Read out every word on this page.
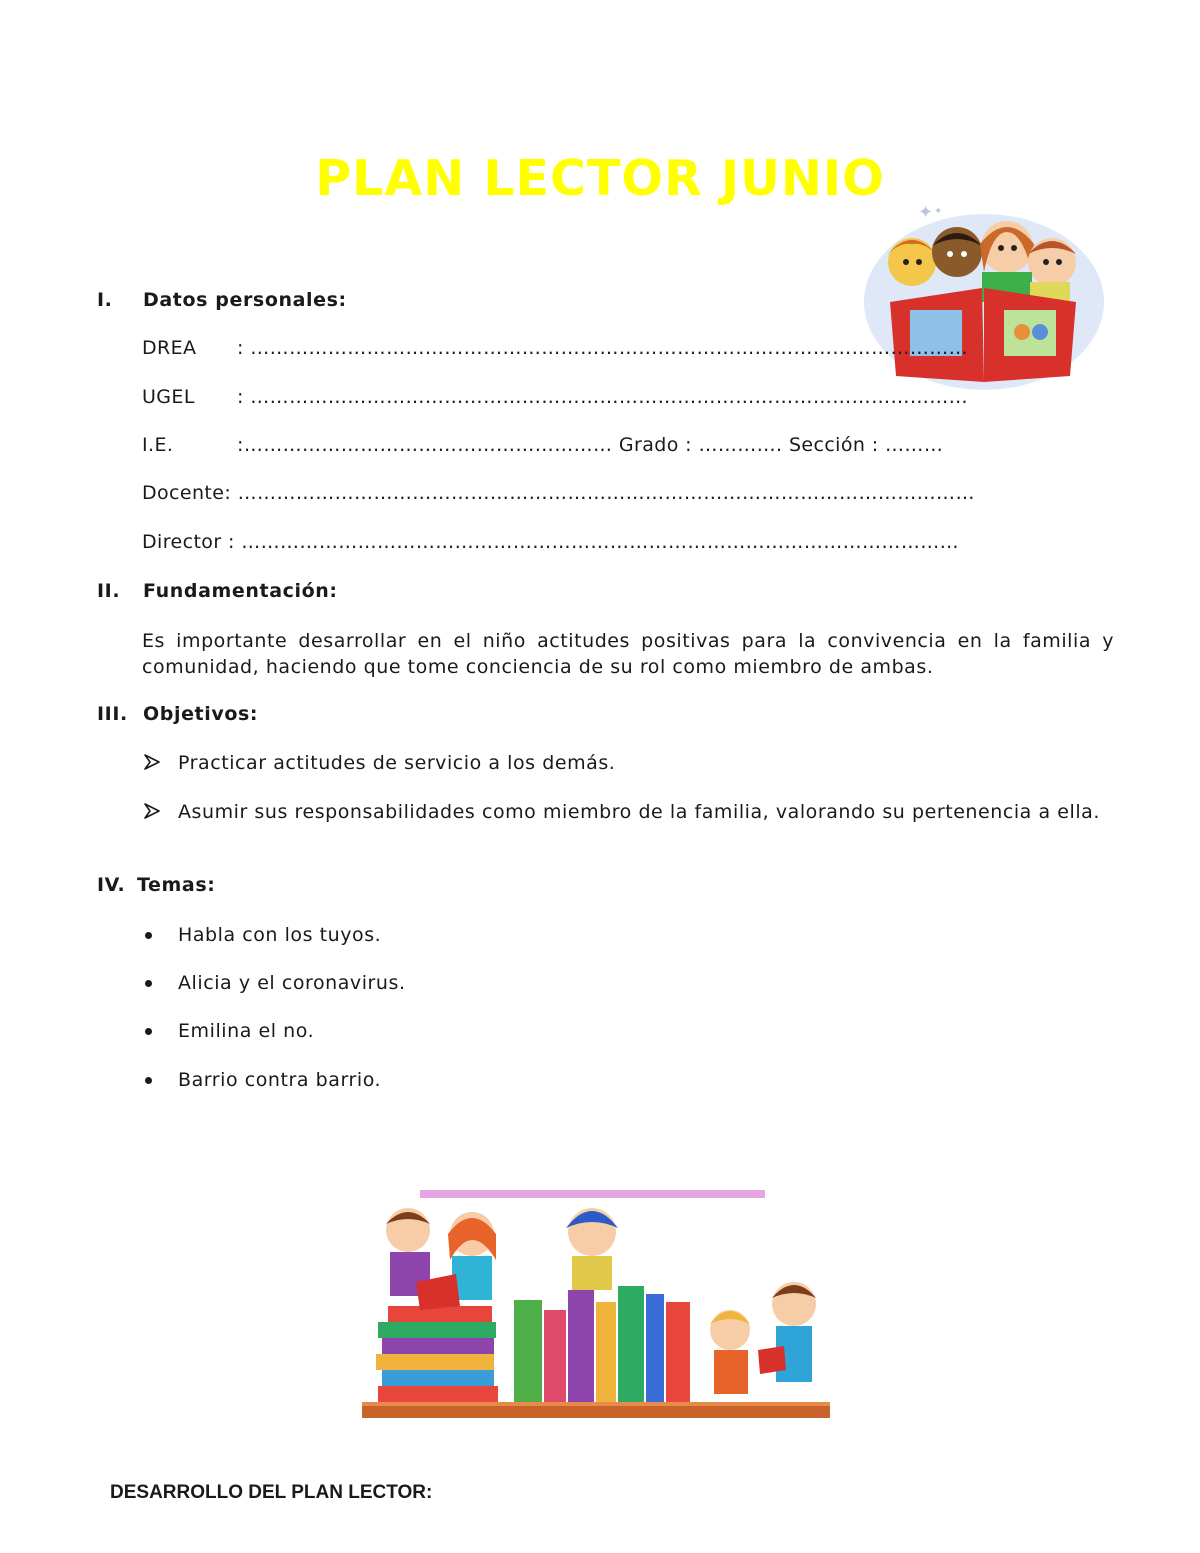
PLAN LECTOR JUNIO
✦ ✦
I. Datos personales:
DREA : …………………………………………………………………………………………………
UGEL : …………………………………………………………………………………………………
I.E.	:………………………………………………… Grado : …………. Sección : ………
Docente: ……………………………………………………………………………………………………
Director : …………………………………………………………………………………………………
II. Fundamentación:
Es importante desarrollar en el niño actitudes positivas para la convivencia en la familia y comunidad, haciendo que tome conciencia de su rol como miembro de ambas.
III. Objetivos:
Practicar actitudes de servicio a los demás.
Asumir sus responsabilidades como miembro de la familia, valorando su pertenencia a ella.
IV. Temas:
Habla con los tuyos.
Alicia y el coronavirus.
Emilina el no.
Barrio contra barrio.
DESARROLLO DEL PLAN LECTOR:
